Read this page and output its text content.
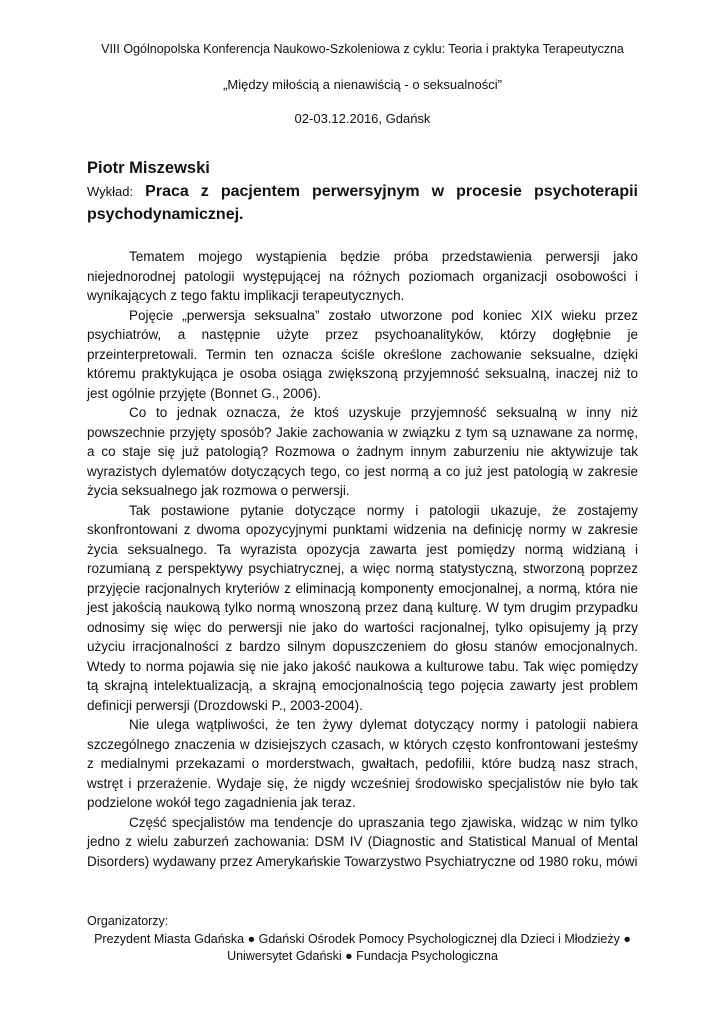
VIII Ogólnopolska Konferencja Naukowo-Szkoleniowa z cyklu: Teoria i praktyka Terapeutyczna
„Między miłością a nienawiścią - o seksualności”
02-03.12.2016, Gdańsk
Piotr Miszewski
Wykład: Praca z pacjentem perwersyjnym w procesie psychoterapii psychodynamicznej.

Tematem mojego wystąpienia będzie próba przedstawienia perwersji jako niejednorodnej patologii występującej na różnych poziomach organizacji osobowości i wynikających z tego faktu implikacji terapeutycznych.

Pojęcie „perwersja seksualna” zostało utworzone pod koniec XIX wieku przez psychiatrów, a następnie użyte przez psychoanalityków, którzy dogłębnie je przeinterpretowali. Termin ten oznacza ściśle określone zachowanie seksualne, dzięki któremu praktykująca je osoba osiąga zwiększoną przyjemność seksualną, inaczej niż to jest ogólnie przyjęte (Bonnet G., 2006).

Co to jednak oznacza, że ktoś uzyskuje przyjemność seksualną w inny niż powszechnie przyjęty sposób? Jakie zachowania w związku z tym są uznawane za normę, a co staje się już patologią? Rozmowa o żadnym innym zaburzeniu nie aktywizuje tak wyrazistych dylematów dotyczących tego, co jest normą a co już jest patologią w zakresie życia seksualnego jak rozmowa o perwersji.

Tak postawione pytanie dotyczące normy i patologii ukazuje, że zostajemy skonfrontowani z dwoma opozycyjnymi punktami widzenia na definicję normy w zakresie życia seksualnego. Ta wyrazista opozycja zawarta jest pomiędzy normą widzianą i rozumianą z perspektywy psychiatrycznej, a więc normą statystyczną, stworzoną poprzez przyjęcie racjonalnych kryteriów z eliminacją komponenty emocjonalnej, a normą, która nie jest jakością naukową tylko normą wnoszoną przez daną kulturę. W tym drugim przypadku odnosimy się więc do perwersji nie jako do wartości racjonalnej, tylko opisujemy ją przy użyciu irracjonalności z bardzo silnym dopuszczeniem do głosu stanów emocjonalnych. Wtedy to norma pojawia się nie jako jakość naukowa a kulturowe tabu. Tak więc pomiędzy tą skrajną intelektualizacją, a skrajną emocjonalnością tego pojęcia zawarty jest problem definicji perwersji (Drozdowski P., 2003-2004).

Nie ulega wątpliwości, że ten żywy dylemat dotyczący normy i patologii nabiera szczególnego znaczenia w dzisiejszych czasach, w których często konfrontowani jesteśmy z medialnymi przekazami o morderstwach, gwałtach, pedofilii, które budzą nasz strach, wstręt i przerażenie. Wydaje się, że nigdy wcześniej środowisko specjalistów nie było tak podzielone wokół tego zagadnienia jak teraz.

Część specjalistów ma tendencje do upraszania tego zjawiska, widząc w nim tylko jedno z wielu zaburzeń zachowania: DSM IV (Diagnostic and Statistical Manual of Mental Disorders) wydawany przez Amerykańskie Towarzystwo Psychiatryczne od 1980 roku, mówi

Organizatorzy:
Prezydent Miasta Gdańska ● Gdański Ośrodek Pomocy Psychologicznej dla Dzieci i Młodzieży ●
Uniwersytet Gdański ● Fundacja Psychologiczna
